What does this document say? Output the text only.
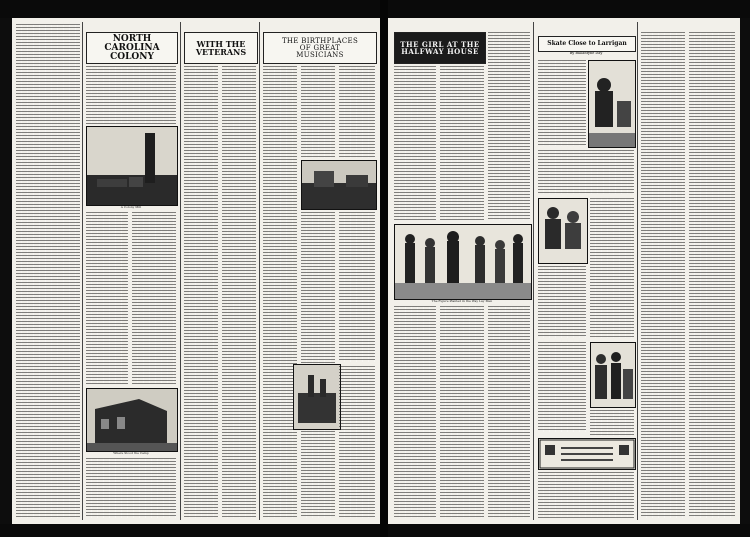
NORTH CAROLINA
COLONY
A Colony Mill
Where Stood the Camp
WITH THE
VETERANS
THE BIRTHPLACES
OF GREAT
MUSICIANS
THE GIRL AT THE
HALFWAY HOUSE
The Figure Planted in the Way Lay Men
Skate Close to Larrigan
By Ballantyne Day
